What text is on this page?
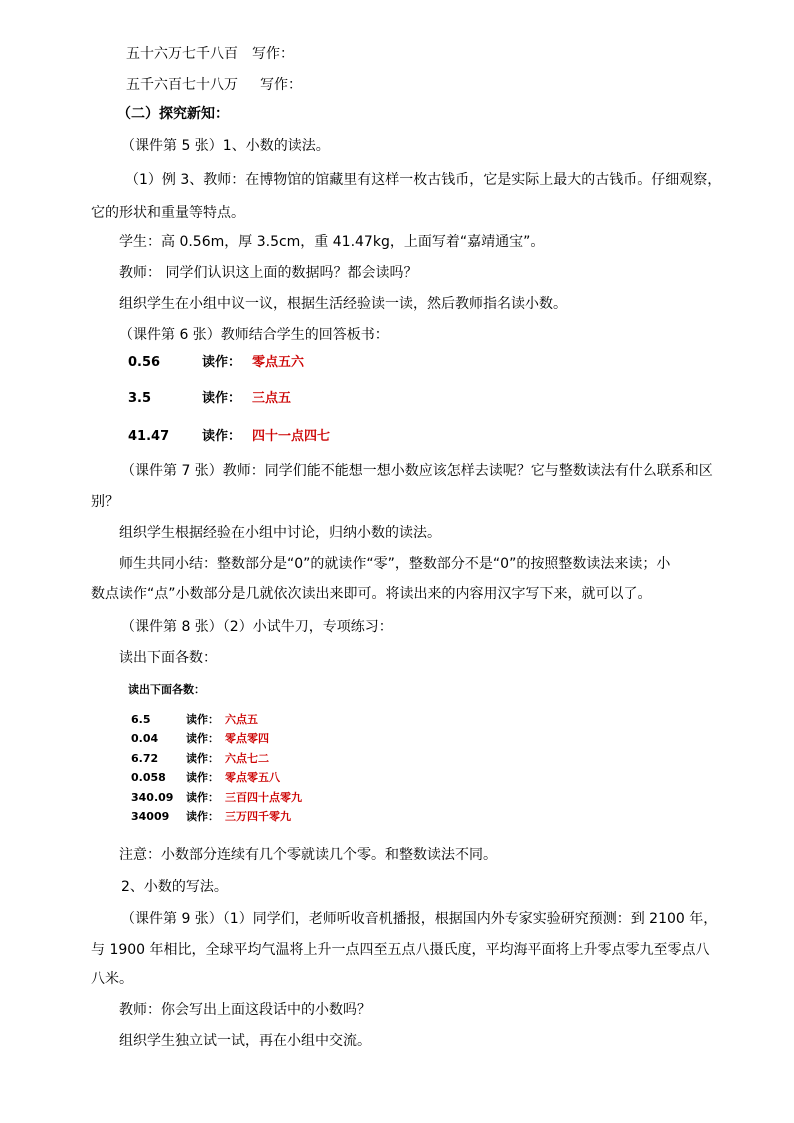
五十六万七千八百 写作：
五千六百七十八万 写作：
（二）探究新知：
（课件第 5 张）1、小数的读法。
（1）例 3、教师：在博物馆的馆藏里有这样一枚古钱币，它是实际上最大的古钱币。仔细观察，
它的形状和重量等特点。
学生：高 0.56m，厚 3.5cm，重 41.47kg，上面写着“嘉靖通宝”。
教师： 同学们认识这上面的数据吗？都会读吗？
组织学生在小组中议一议，根据生活经验读一读，然后教师指名读小数。
（课件第 6 张）教师结合学生的回答板书：
0.56	读作： 零点五六
3.5	读作： 三点五
41.47	读作： 四十一点四七
（课件第 7 张）教师：同学们能不能想一想小数应该怎样去读呢？它与整数读法有什么联系和区
别？
组织学生根据经验在小组中讨论，归纳小数的读法。
师生共同小结：整数部分是“0”的就读作“零”，整数部分不是“0”的按照整数读法来读；小
数点读作“点”小数部分是几就依次读出来即可。将读出来的内容用汉字写下来，就可以了。
（课件第 8 张）（2）小试牛刀，专项练习：
读出下面各数：
读出下面各数：
6.5	读作： 六点五
0.04	读作： 零点零四
6.72	读作： 六点七二
0.058 读作： 零点零五八
340.09 读作： 三百四十点零九
34009 读作： 三万四千零九
注意：小数部分连续有几个零就读几个零。和整数读法不同。
2、小数的写法。
（课件第 9 张）（1）同学们，老师听收音机播报，根据国内外专家实验研究预测：到 2100 年，
与 1900 年相比，全球平均气温将上升一点四至五点八摄氏度，平均海平面将上升零点零九至零点八
八米。
教师：你会写出上面这段话中的小数吗？
组织学生独立试一试，再在小组中交流。
